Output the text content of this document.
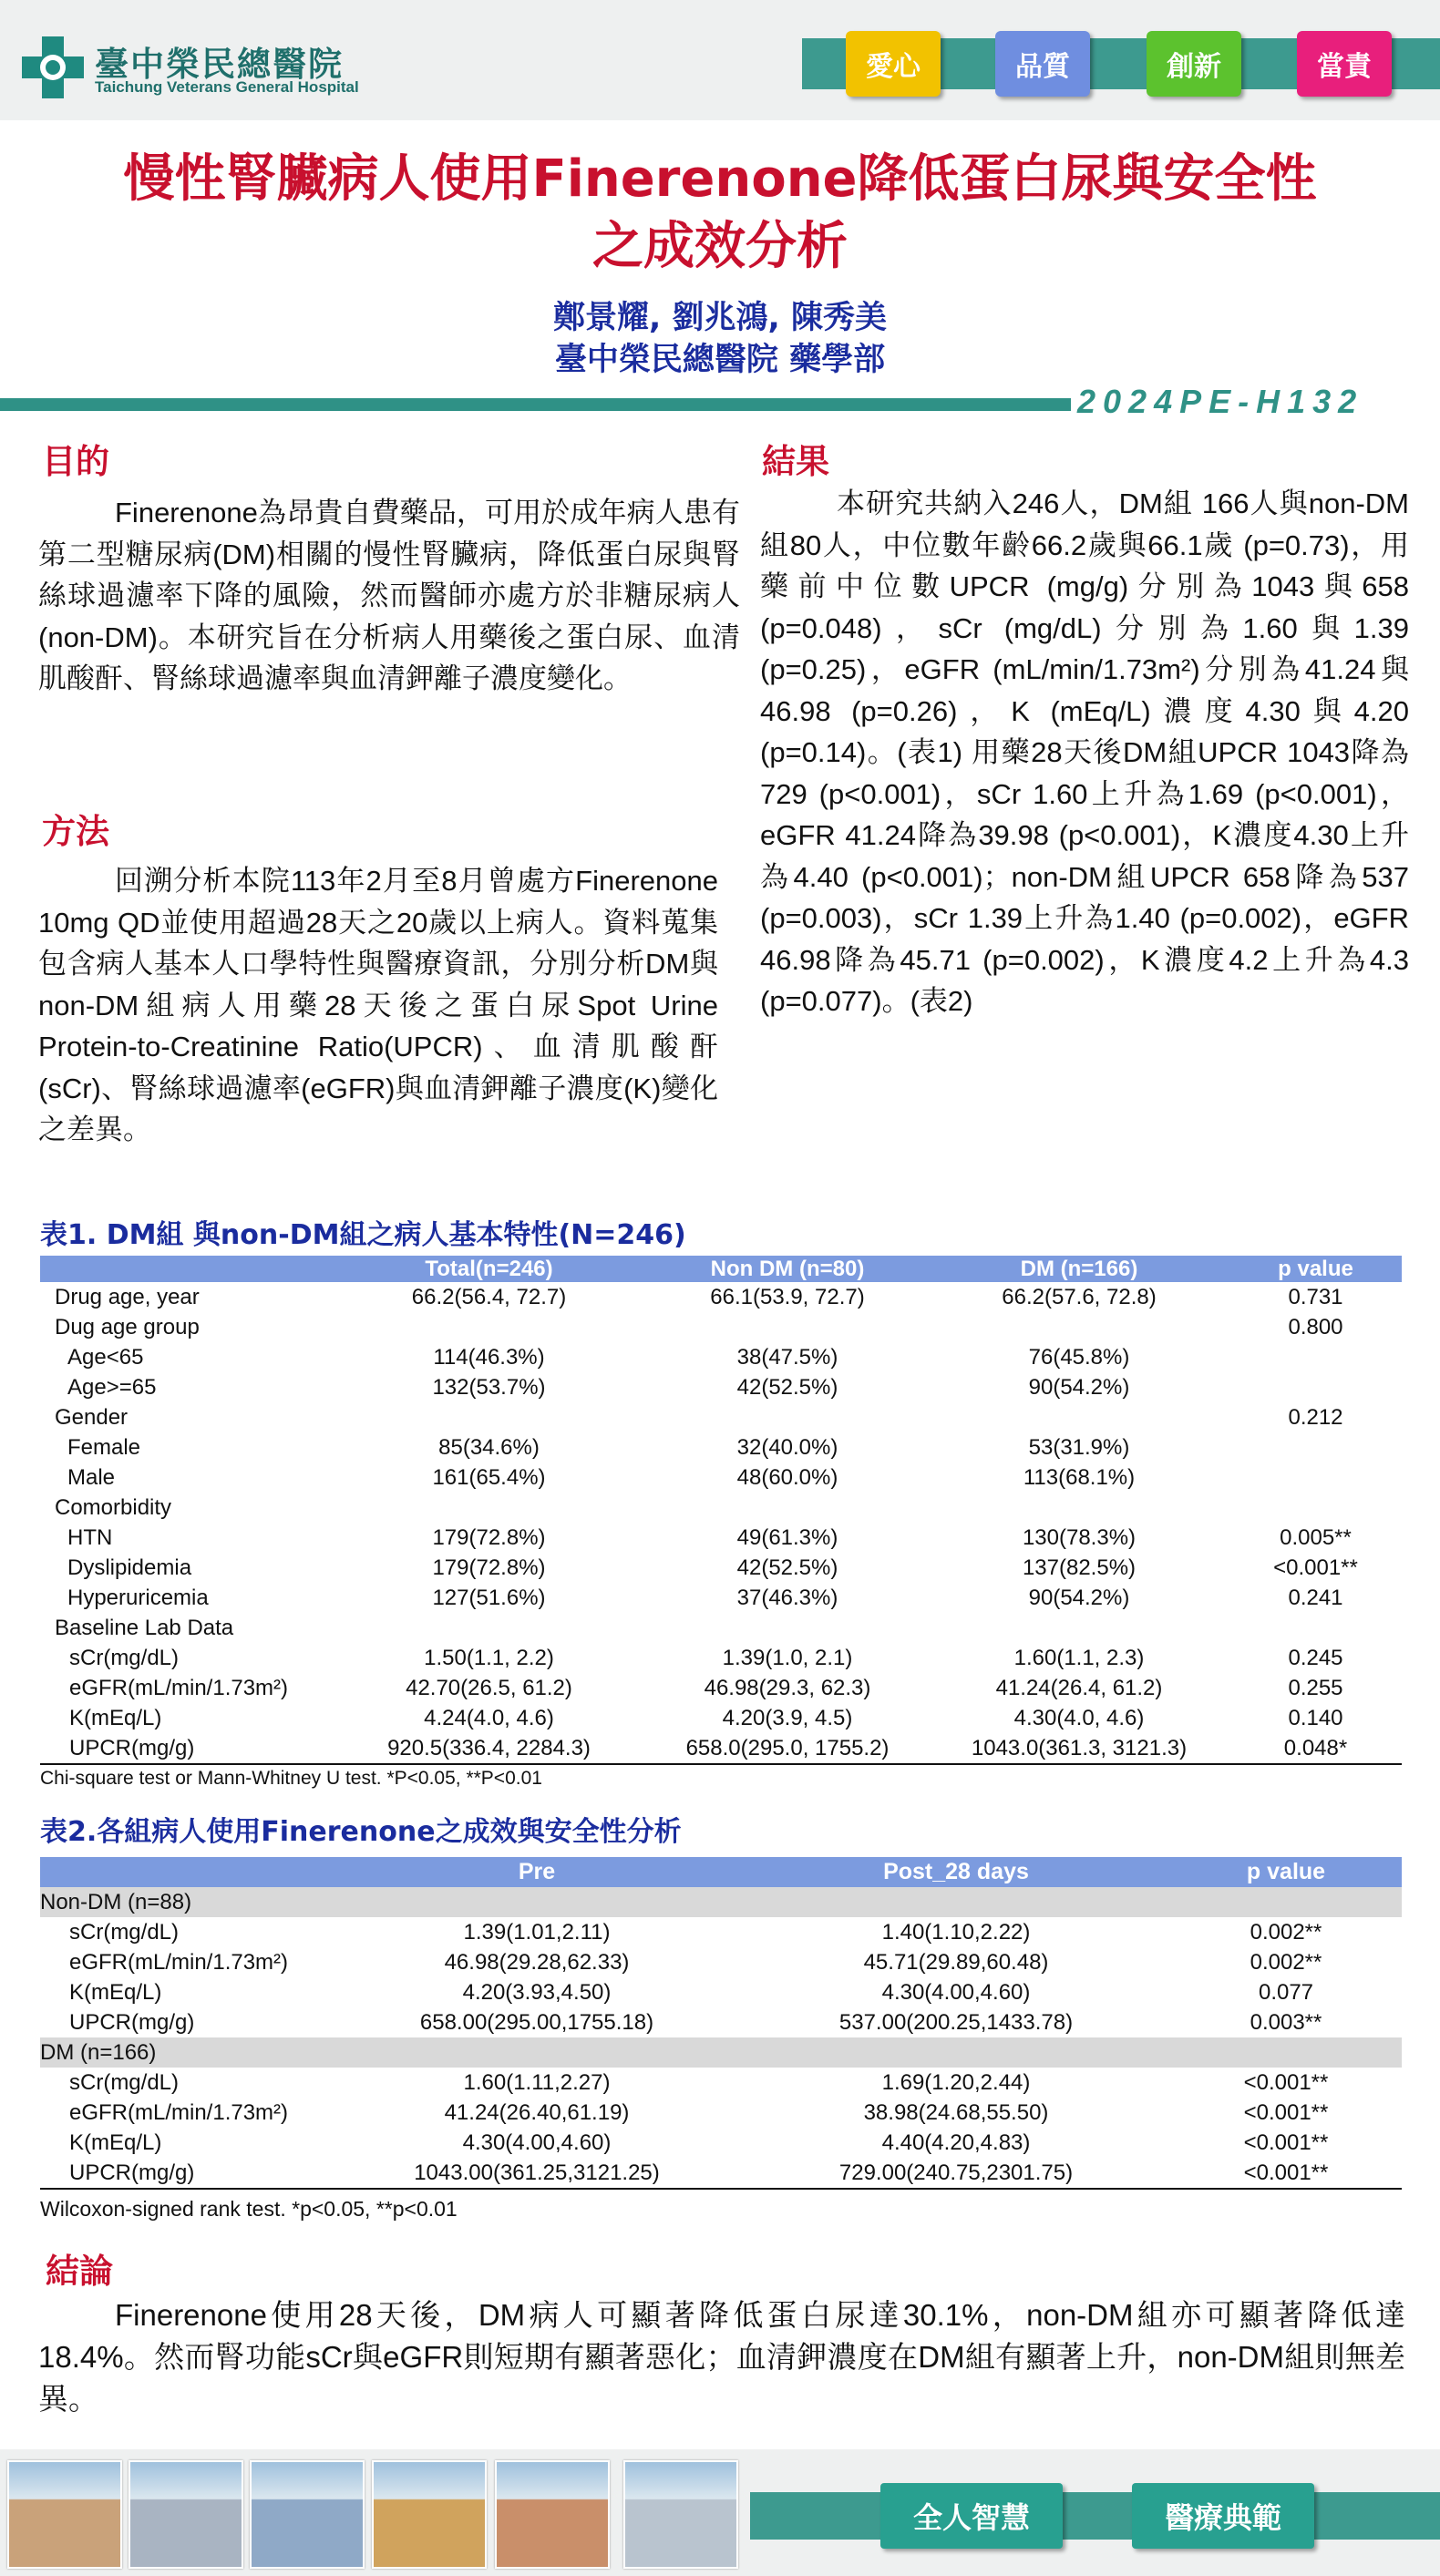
臺中榮民總醫院
Taichung Veterans General Hospital
愛心	品質	創新	當責
慢性腎臟病人使用Finerenone降低蛋白尿與安全性
之成效分析
鄭景耀, 劉兆鴻, 陳秀美
臺中榮民總醫院 藥學部
2024PE-H132
目的
Finerenone為昂貴自費藥品，可用於成年病人患有第二型糖尿病(DM)相關的慢性腎臟病，降低蛋白尿與腎絲球過濾率下降的風險，然而醫師亦處方於非糖尿病人(non-DM)。本研究旨在分析病人用藥後之蛋白尿、血清肌酸酐、腎絲球過濾率與血清鉀離子濃度變化。
方法
回溯分析本院113年2月至8月曾處方Finerenone 10mg QD並使用超過28天之20歲以上病人。資料蒐集包含病人基本人口學特性與醫療資訊，分別分析DM與non-DM組病人用藥28天後之蛋白尿Spot Urine Protein-to-Creatinine Ratio(UPCR)、血清肌酸酐(sCr)、腎絲球過濾率(eGFR)與血清鉀離子濃度(K)變化之差異。
結果
本研究共納入246人，DM組 166人與non-DM組80人，中位數年齡66.2歲與66.1歲 (p=0.73)，用藥前中位數UPCR (mg/g)分別為1043與658 (p=0.048)，sCr (mg/dL)分別為1.60與1.39 (p=0.25)，eGFR (mL/min/1.73m²)分別為41.24與46.98 (p=0.26)，K (mEq/L)濃度4.30與4.20 (p=0.14)。(表1) 用藥28天後DM組UPCR 1043降為729 (p<0.001)，sCr 1.60上升為1.69 (p<0.001)，eGFR 41.24降為39.98 (p<0.001)，K濃度4.30上升為4.40 (p<0.001)；non-DM組UPCR 658降為537 (p=0.003)，sCr 1.39上升為1.40 (p=0.002)，eGFR 46.98降為45.71 (p=0.002)，K濃度4.2上升為4.3 (p=0.077)。(表2)
表1. DM組 與non-DM組之病人基本特性(N=246)
	Total(n=246)	Non DM (n=80)	DM (n=166)	p value
Drug age, year	66.2(56.4, 72.7)	66.1(53.9, 72.7)	66.2(57.6, 72.8)	0.731
Dug age group				0.800
Age<65	114(46.3%)	38(47.5%)	76(45.8%)	
Age>=65	132(53.7%)	42(52.5%)	90(54.2%)	
Gender				0.212
Female	85(34.6%)	32(40.0%)	53(31.9%)	
Male	161(65.4%)	48(60.0%)	113(68.1%)	
Comorbidity				
HTN	179(72.8%)	49(61.3%)	130(78.3%)	0.005**
Dyslipidemia	179(72.8%)	42(52.5%)	137(82.5%)	<0.001**
Hyperuricemia	127(51.6%)	37(46.3%)	90(54.2%)	0.241
Baseline Lab Data				
sCr(mg/dL)	1.50(1.1, 2.2)	1.39(1.0, 2.1)	1.60(1.1, 2.3)	0.245
eGFR(mL/min/1.73m²)	42.70(26.5, 61.2)	46.98(29.3, 62.3)	41.24(26.4, 61.2)	0.255
K(mEq/L)	4.24(4.0, 4.6)	4.20(3.9, 4.5)	4.30(4.0, 4.6)	0.140
UPCR(mg/g)	920.5(336.4, 2284.3)	658.0(295.0, 1755.2)	1043.0(361.3, 3121.3)	0.048*
Chi-square test or Mann-Whitney U test. *P<0.05, **P<0.01
表2.各組病人使用Finerenone之成效與安全性分析
	Pre	Post_28 days	p value
Non-DM (n=88)			
sCr(mg/dL)	1.39(1.01,2.11)	1.40(1.10,2.22)	0.002**
eGFR(mL/min/1.73m²)	46.98(29.28,62.33)	45.71(29.89,60.48)	0.002**
K(mEq/L)	4.20(3.93,4.50)	4.30(4.00,4.60)	0.077
UPCR(mg/g)	658.00(295.00,1755.18)	537.00(200.25,1433.78)	0.003**
DM (n=166)			
sCr(mg/dL)	1.60(1.11,2.27)	1.69(1.20,2.44)	<0.001**
eGFR(mL/min/1.73m²)	41.24(26.40,61.19)	38.98(24.68,55.50)	<0.001**
K(mEq/L)	4.30(4.00,4.60)	4.40(4.20,4.83)	<0.001**
UPCR(mg/g)	1043.00(361.25,3121.25)	729.00(240.75,2301.75)	<0.001**
Wilcoxon-signed rank test. *p<0.05, **p<0.01
結論
Finerenone使用28天後，DM病人可顯著降低蛋白尿達30.1%，non-DM組亦可顯著降低達18.4%。然而腎功能sCr與eGFR則短期有顯著惡化；血清鉀濃度在DM組有顯著上升，non-DM組則無差異。
全人智慧	醫療典範
